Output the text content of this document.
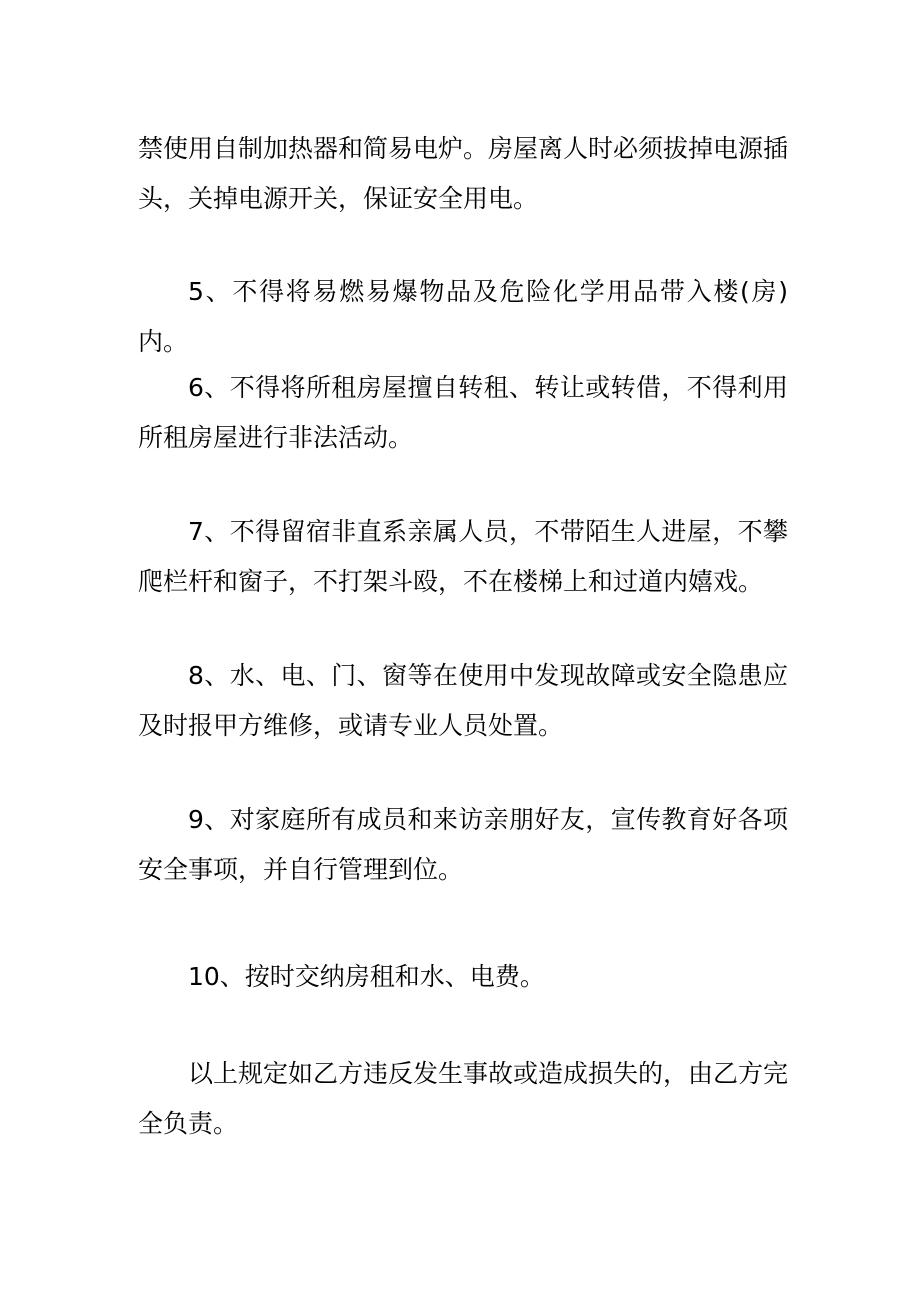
禁使用自制加热器和简易电炉。房屋离人时必须拔掉电源插头，关掉电源开关，保证安全用电。

5、不得将易燃易爆物品及危险化学用品带入楼(房)内。

6、不得将所租房屋擅自转租、转让或转借，不得利用所租房屋进行非法活动。

7、不得留宿非直系亲属人员，不带陌生人进屋，不攀爬栏杆和窗子，不打架斗殴，不在楼梯上和过道内嬉戏。

8、水、电、门、窗等在使用中发现故障或安全隐患应及时报甲方维修，或请专业人员处置。

9、对家庭所有成员和来访亲朋好友，宣传教育好各项安全事项，并自行管理到位。

10、按时交纳房租和水、电费。

以上规定如乙方违反发生事故或造成损失的，由乙方完全负责。
